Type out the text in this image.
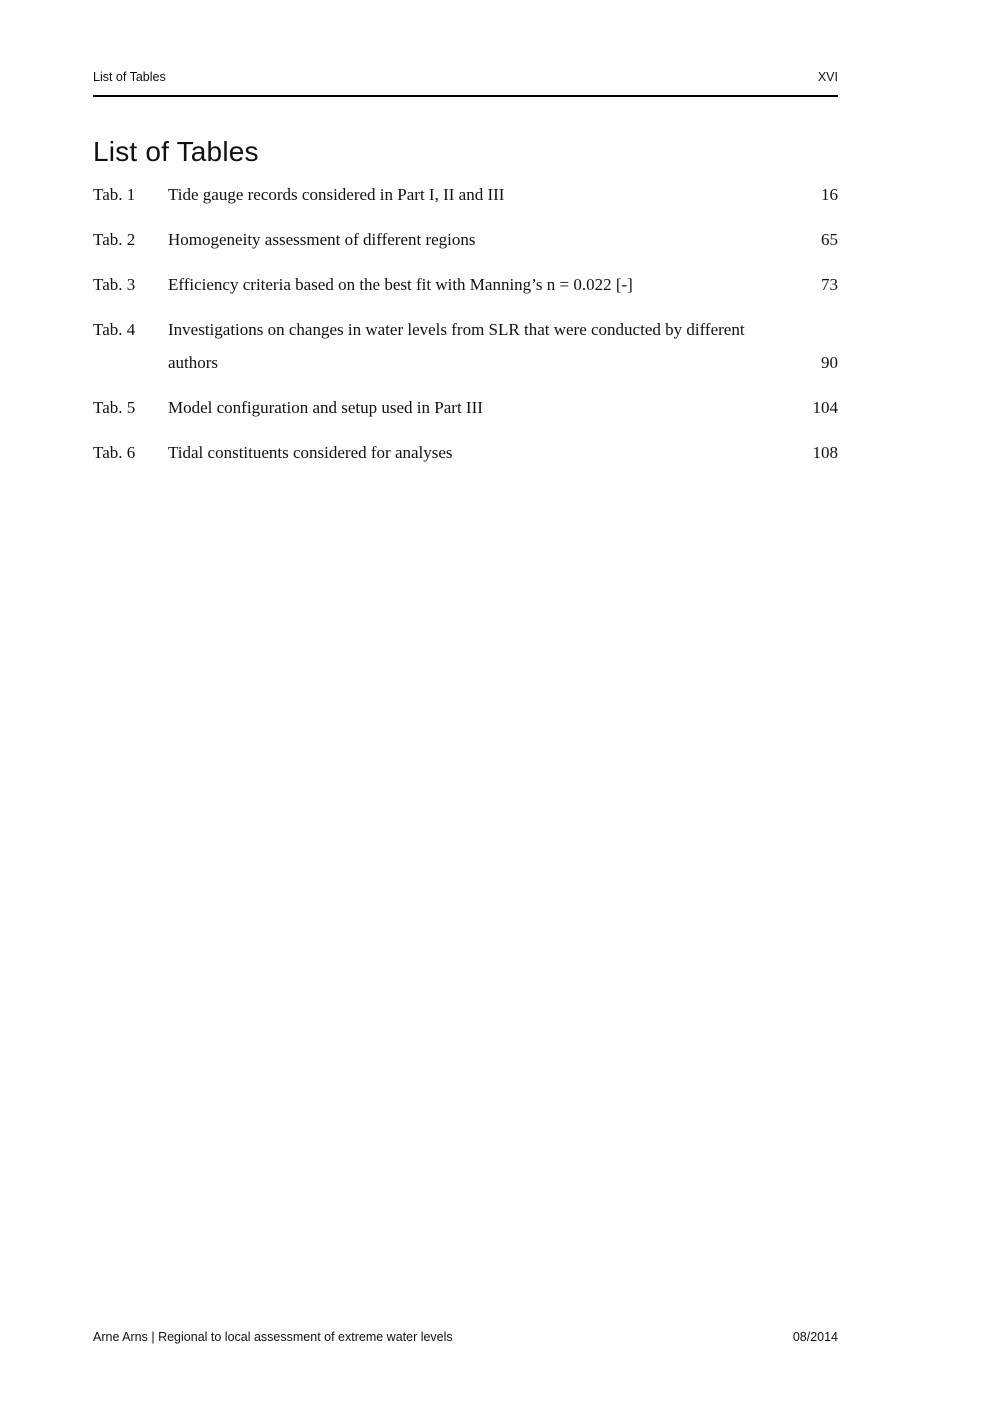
List of Tables	XVI
List of Tables
Tab. 1 Tide gauge records considered in Part I, II and III	16
Tab. 2 Homogeneity assessment of different regions	65
Tab. 3 Efficiency criteria based on the best fit with Manning’s n = 0.022 [-]	73
Tab. 4 Investigations on changes in water levels from SLR that were conducted by different authors	90
Tab. 5 Model configuration and setup used in Part III	104
Tab. 6 Tidal constituents considered for analyses	108
Arne Arns | Regional to local assessment of extreme water levels	08/2014
